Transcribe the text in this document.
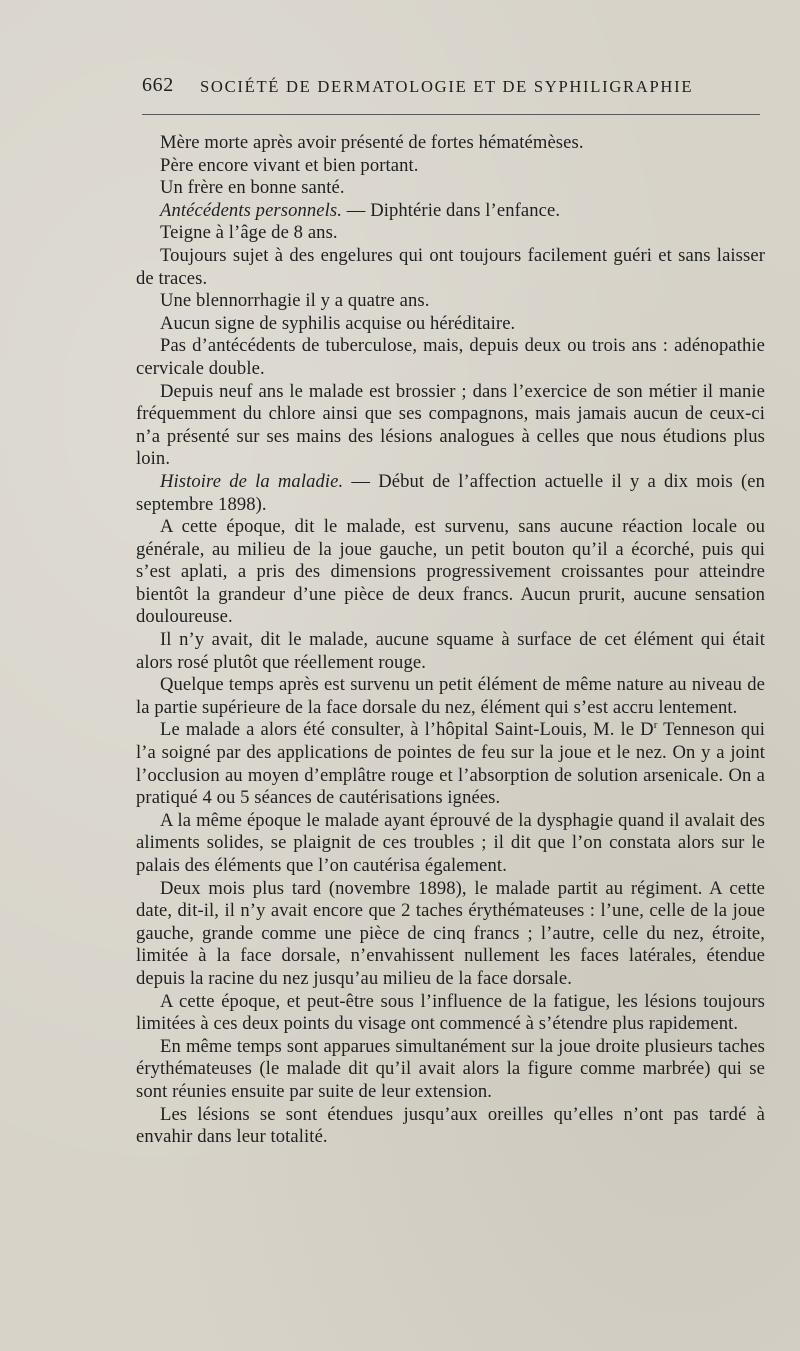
662 SOCIÉTÉ DE DERMATOLOGIE ET DE SYPHILIGRAPHIE

Mère morte après avoir présenté de fortes hématémèses.

Père encore vivant et bien portant.

Un frère en bonne santé.

Antécédents personnels. — Diphtérie dans l’enfance.

Teigne à l’âge de 8 ans.

Toujours sujet à des engelures qui ont toujours facilement guéri et sans laisser de traces.

Une blennorrhagie il y a quatre ans.

Aucun signe de syphilis acquise ou héréditaire.

Pas d’antécédents de tuberculose, mais, depuis deux ou trois ans : adénopathie cervicale double.

Depuis neuf ans le malade est brossier ; dans l’exercice de son métier il manie fréquemment du chlore ainsi que ses compagnons, mais jamais aucun de ceux-ci n’a présenté sur ses mains des lésions analogues à celles que nous étudions plus loin.

Histoire de la maladie. — Début de l’affection actuelle il y a dix mois (en septembre 1898).

A cette époque, dit le malade, est survenu, sans aucune réaction locale ou générale, au milieu de la joue gauche, un petit bouton qu’il a écorché, puis qui s’est aplati, a pris des dimensions progressivement croissantes pour atteindre bientôt la grandeur d’une pièce de deux francs. Aucun prurit, aucune sensation douloureuse.

Il n’y avait, dit le malade, aucune squame à surface de cet élément qui était alors rosé plutôt que réellement rouge.

Quelque temps après est survenu un petit élément de même nature au niveau de la partie supérieure de la face dorsale du nez, élément qui s’est accru lentement.

Le malade a alors été consulter, à l’hôpital Saint-Louis, M. le $D^r$ Tenneson qui l’a soigné par des applications de pointes de feu sur la joue et le nez. On y a joint l’occlusion au moyen d’emplâtre rouge et l’absorption de solution arsenicale. On a pratiqué 4 ou 5 séances de cautérisations ignées.

A la même époque le malade ayant éprouvé de la dysphagie quand il avalait des aliments solides, se plaignit de ces troubles ; il dit que l’on constata alors sur le palais des éléments que l’on cautérisa également.

Deux mois plus tard (novembre 1898), le malade partit au régiment. A cette date, dit-il, il n’y avait encore que 2 taches érythémateuses : l’une, celle de la joue gauche, grande comme une pièce de cinq francs ; l’autre, celle du nez, étroite, limitée à la face dorsale, n’envahissent nullement les faces latérales, étendue depuis la racine du nez jusqu’au milieu de la face dorsale.

A cette époque, et peut-être sous l’influence de la fatigue, les lésions toujours limitées à ces deux points du visage ont commencé à s’étendre plus rapidement.

En même temps sont apparues simultanément sur la joue droite plusieurs taches érythémateuses (le malade dit qu’il avait alors la figure comme marbrée) qui se sont réunies ensuite par suite de leur extension.

Les lésions se sont étendues jusqu’aux oreilles qu’elles n’ont pas tardé à envahir dans leur totalité.
